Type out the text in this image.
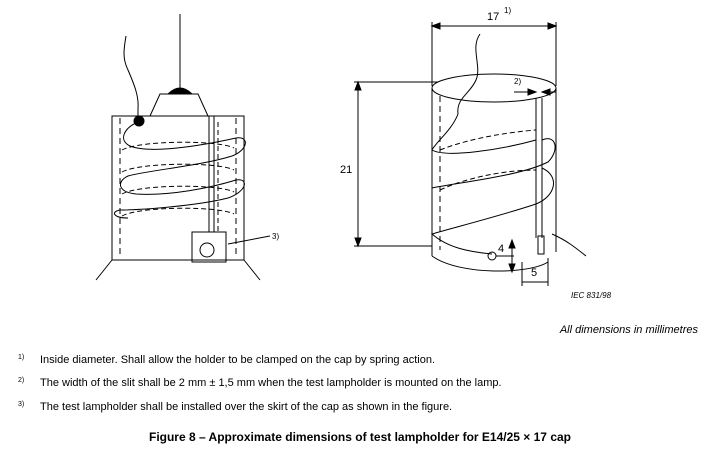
3)
17
1)
2)
21
4
5
IEC 831/98
All dimensions in millimetres
$^{1)}$ Inside diameter. Shall allow the holder to be clamped on the cap by spring action.
$^{2)}$ The width of the slit shall be 2 mm ± 1,5 mm when the test lampholder is mounted on the lamp.
$^{3)}$ The test lampholder shall be installed over the skirt of the cap as shown in the figure.
Figure 8 – Approximate dimensions of test lampholder for E14/25 × 17 cap
